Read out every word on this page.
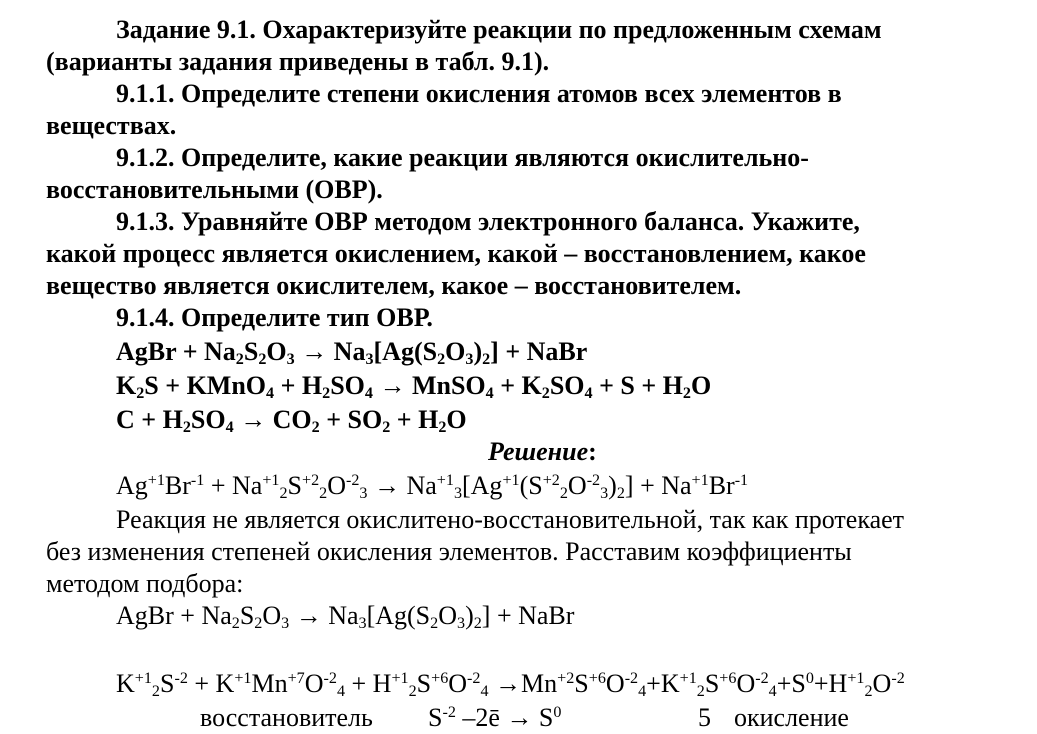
Задание 9.1. Охарактеризуйте реакции по предложенным схемам
(варианты задания приведены в табл. 9.1).
9.1.1. Определите степени окисления атомов всех элементов в
веществах.
9.1.2. Определите, какие реакции являются окислительно-
восстановительными (ОВР).
9.1.3. Уравняйте ОВР методом электронного баланса. Укажите,
какой процесс является окислением, какой – восстановлением, какое
вещество является окислителем, какое – восстановителем.
9.1.4. Определите тип ОВР.
AgBr + $Na_2S_2O_3 \to Na_3[Ag(S_2O_3)_2]$ + NaBr
$K_2S$ + KMnO$_4$ + $H_2SO_4$ → MnSO$_4$ + $K_2SO_4 + S + H_2O$
$C + H_2SO_4 \to CO_2 + SO_2 + H_2O$
Решение:
$Ag^{+1}Br^{-1} + Na^{+1}_2S^{+2}_2O^{-2}_3 \to Na^{+1}_3[Ag^{+1}(S^{+2}_2O^{-2}_3)_2] + Na^{+1}Br^{-1}$
Реакция не является окислитено-восстановительной, так как протекает
без изменения степеней окисления элементов. Расставим коэффициенты
методом подбора:
AgBr + $Na_2S_2O_3 \to Na_3[Ag(S_2O_3)_2]$ + NaBr
$K^{+1}_2S^{-2} + K^{+1}Mn^{+7}O^{-2}_4 + H^{+1}_2S^{+6}O^{-2}_4 \to Mn^{+2}S^{+6}O^{-2}_4+K^{+1}_2S^{+6}O^{-2}_4+S^0+H^{+1}_2O^{-2}$
восстановитель $S^{-2}$ –2ē → $S^0$	5 окисление
